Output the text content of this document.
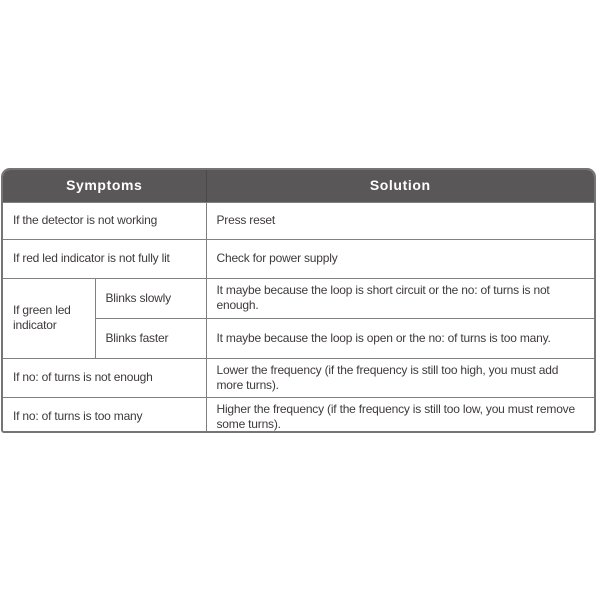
Symptoms		Solution
If the detector is not working		Press reset
If red led indicator is not fully lit		Check for power supply
If green led indicator	Blinks slowly	It maybe because the loop is short circuit or the no: of turns is not enough.
	Blinks faster	It maybe because the loop is open or the no: of turns is too many.
If no: of turns is not enough		Lower the frequency (if the frequency is still too high, you must add more turns).
If no: of turns is too many		Higher the frequency (if the frequency is still too low, you must remove some turns).
